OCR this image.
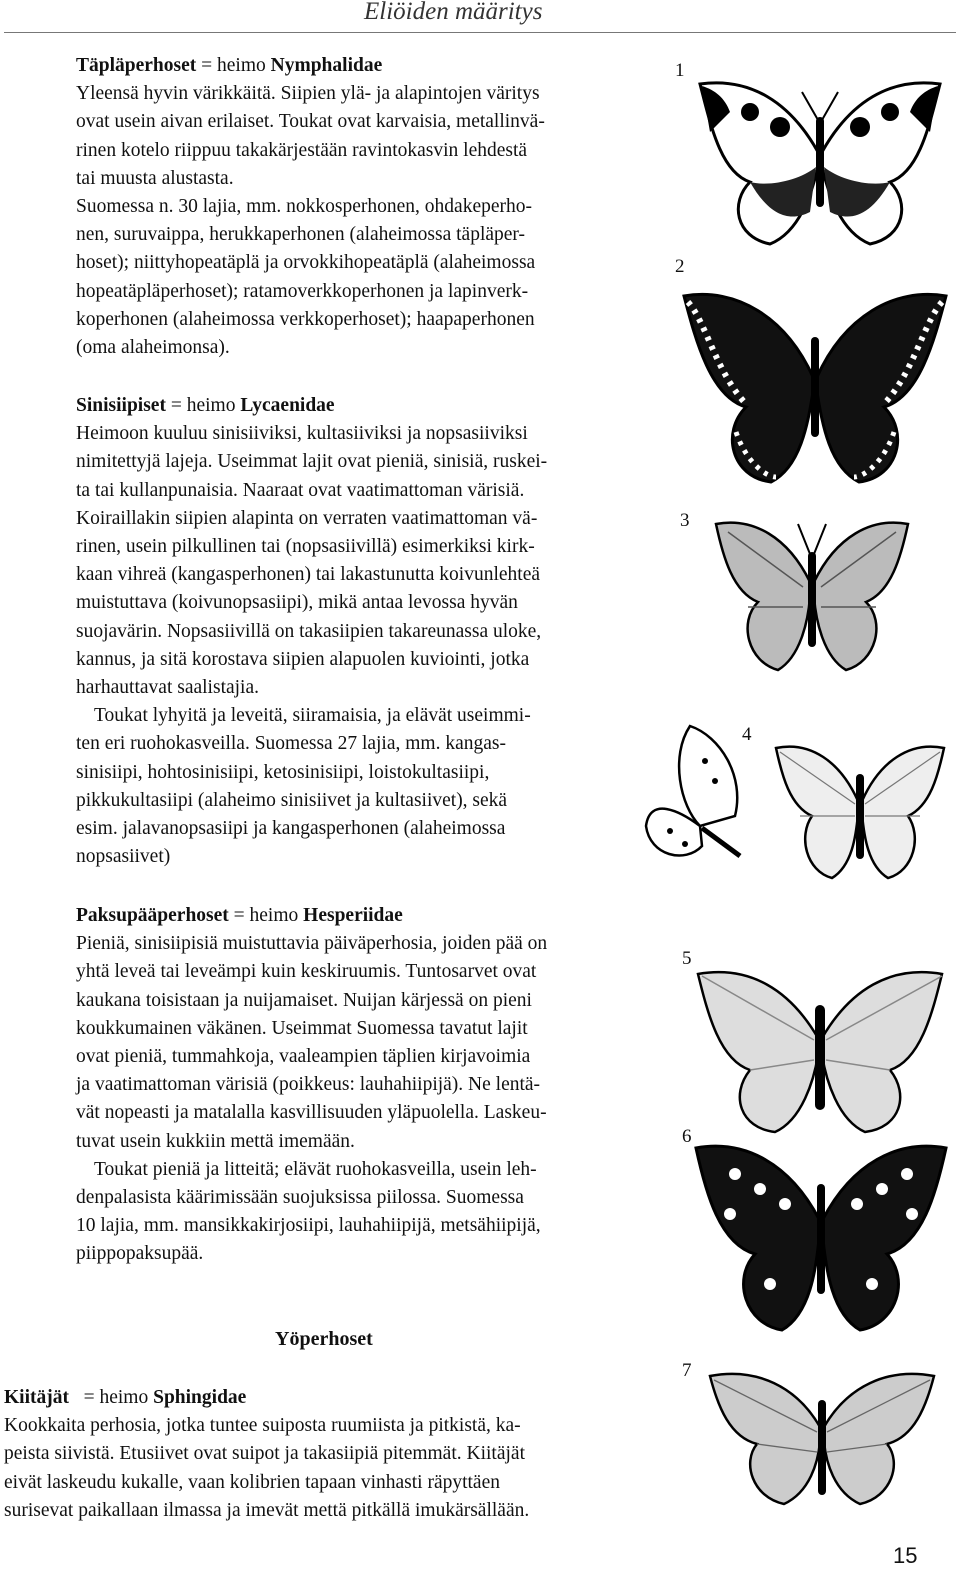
Eliöiden määritys

Täpläperhoset = heimo Nymphalidae

Yleensä hyvin värikkäitä. Siipien ylä- ja alapintojen väritys

ovat usein aivan erilaiset. Toukat ovat karvaisia, metallinvä-

rinen kotelo riippuu takakärjestään ravintokasvin lehdestä

tai muusta alustasta.

Suomessa n. 30 lajia, mm. nokkosperhonen, ohdakeperho-

nen, suruvaippa, herukkaperhonen (alaheimossa täpläper-

hoset); niittyhopeatäplä ja orvokkihopeatäplä (alaheimossa

hopeatäpläperhoset); ratamoverkkoperhonen ja lapinverk-

koperhonen (alaheimossa verkkoperhoset); haapaperhonen

(oma alaheimonsa).

Sinisiipiset = heimo Lycaenidae

Heimoon kuuluu sinisiiviksi, kultasiiviksi ja nopsasiiviksi

nimitettyjä lajeja. Useimmat lajit ovat pieniä, sinisiä, ruskei-

ta tai kullanpunaisia. Naaraat ovat vaatimattoman värisiä.

Koiraillakin siipien alapinta on verraten vaatimattoman vä-

rinen, usein pilkullinen tai (nopsasiivillä) esimerkiksi kirk-

kaan vihreä (kangasperhonen) tai lakastunutta koivunlehteä

muistuttava (koivunopsasiipi), mikä antaa levossa hyvän

suojavärin. Nopsasiivillä on takasiipien takareunassa uloke,

kannus, ja sitä korostava siipien alapuolen kuviointi, jotka

harhauttavat saalistajia.

Toukat lyhyitä ja leveitä, siiramaisia, ja elävät useimmi-

ten eri ruohokasveilla. Suomessa 27 lajia, mm. kangas-

sinisiipi, hohtosinisiipi, ketosinisiipi, loistokultasiipi,

pikkukultasiipi (alaheimo sinisiivet ja kultasiivet), sekä

esim. jalavanopsasiipi ja kangasperhonen (alaheimossa

nopsasiivet)

Paksupääperhoset = heimo Hesperiidae

Pieniä, sinisiipisiä muistuttavia päiväperhosia, joiden pää on

yhtä leveä tai leveämpi kuin keskiruumis. Tuntosarvet ovat

kaukana toisistaan ja nuijamaiset. Nuijan kärjessä on pieni

koukkumainen väkänen. Useimmat Suomessa tavatut lajit

ovat pieniä, tummahkoja, vaaleampien täplien kirjavoimia

ja vaatimattoman värisiä (poikkeus: lauhahiipijä). Ne lentä-

vät nopeasti ja matalalla kasvillisuuden yläpuolella. Laskeu-

tuvat usein kukkiin mettä imemään.

Toukat pieniä ja litteitä; elävät ruohokasveilla, usein leh-

denpalasista käärimissään suojuksissa piilossa. Suomessa

10 lajia, mm. mansikkakirjosiipi, lauhahiipijä, metsähiipijä,

piippopaksupää.

Yöperhoset

Kiitäjät   = heimo Sphingidae

Kookkaita perhosia, jotka tuntee suiposta ruumiista ja pitkistä, ka-

peista siivistä. Etusiivet ovat suipot ja takasiipiä pitemmät. Kiitäjät

eivät laskeudu kukalle, vaan kolibrien tapaan vinhasti räpyttäen

surisevat paikallaan ilmassa ja imevät mettä pitkällä imukärsällään.

1
2
3
4
5
6
7
15
